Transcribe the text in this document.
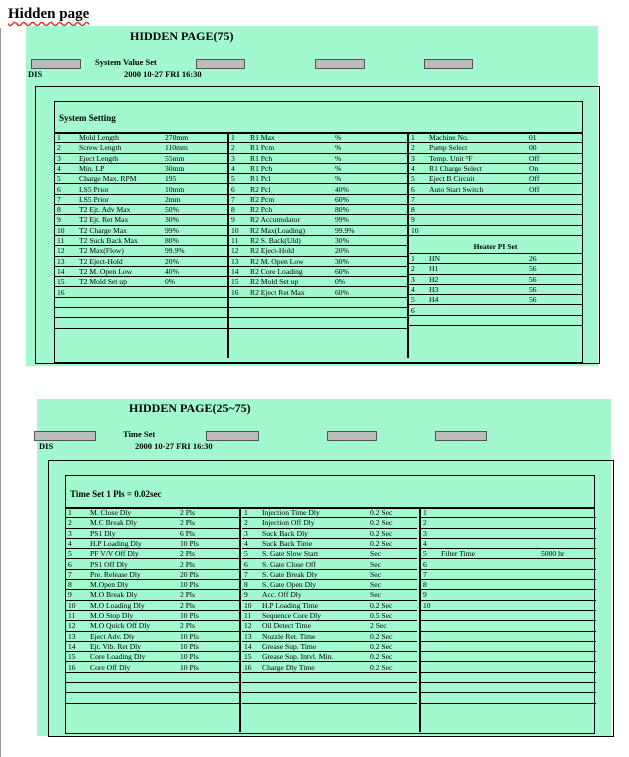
Hidden page
HIDDEN PAGE(75)
System Value Set
DIS	2000 10-27 FRI 16:30
System Setting
1 Mold Length	270mm
2 Screw Length	110mm
3 Eject Length	55mm
4 Min. LP	30mm
5 Charge Max. RPM	195
6 LS5 Prior	10mm
7 LS5 Prior	2mm
8 T2 Ejt. Adv Max	50%
9 T2 Ejt. Ret Max	30%
10 T2 Charge Max	99%
11 T2 Suck Back Max	80%
12 T2 Max(Flow)	99.9%
13 T2 Eject-Hold	20%
14 T2 M. Open Low	40%
15 T2 Mold Set up	0%
16
1 R1 Max	%
2 R1 Pcm	%
3 R1 Pch	%
4 R1 Pch	%
5 R1 Pcl	%
6 R2 Pcl	40%
7 R2 Pcm	60%
8 R2 Pch	80%
9 R2 Accumulator	99%
10 R2 Max(Loading)	99.9%
11 R2 S. Back(Uld)	30%
12 R2 Eject-Hold	20%
13 R2 M. Open Low	30%
14 R2 Core Loading	60%
15 R2 Mold Set up	0%
16 R2 Eject Ret Max	60%
1 Machine No.	01
2 Pump Select	00
3 Temp. Unit °F	Off
4 R1 Charge Select	On
5 Eject B Circuit	Off
6 Auto Start Switch	Off
7
8
9
10
Heater PI Set
1 HN	26
2 H1	56
3 H2	56
4 H3	56
5 H4	56
6
HIDDEN PAGE(25~75)
Time Set
DIS	2000 10-27 FRI 16:30
Time Set 1 Pls = 0.02sec
1 M. Close Dly	2 Pls
2 M.C Break Dly	2 Pls
3 PS1 Dly	6 Pls
4 H.P Loading Dly	10 Pls
5 PF V/V Off Dly	2 Pls
6 PS1 Off Dly	2 Pls
7 Pre. Release Dly	20 Pls
8 M.Open Dly	10 Pls
9 M.O Break Dly	2 Pls
10 M.O Loading Dly	2 Pls
11 M.O Stop Dly	10 Pls
12 M.O Quick Off Dly	2 Pls
13 Eject Adv. Dly	10 Pls
14 Ejt. Vib. Ret Dly	10 Pls
15 Core Loading Dly	10 Pls
16 Core Off Dly	10 Pls
1 Injection Time Dly	0.2 Sec
2 Injection Off Dly	0.2 Sec
3 Suck Back Dly	0.2 Sec
4 Suck Back Time	0.2 Sec
5 S. Gate Slow Start	Sec
6 S. Gate Close Off	Sec
7 S. Gate Break Dly	Sec
8 S. Gate Open Dly	Sec
9 Acc. Off Dly	Sec
10 H.P Loading Time	0.2 Sec
11 Sequence Core Dly	0.5 Sec
12 Oil Detect Time	2 Sec
13 Nozzle Ret. Time	0.2 Sec
14 Grease Sup. Time	0.2 Sec
15 Grease Sup. Intvl. Min.	0.2 Sec
16 Charge Dly Time	0.2 Sec
1
2
3
4
5 Filter Time	5000 hr
6
7
8
9
10
